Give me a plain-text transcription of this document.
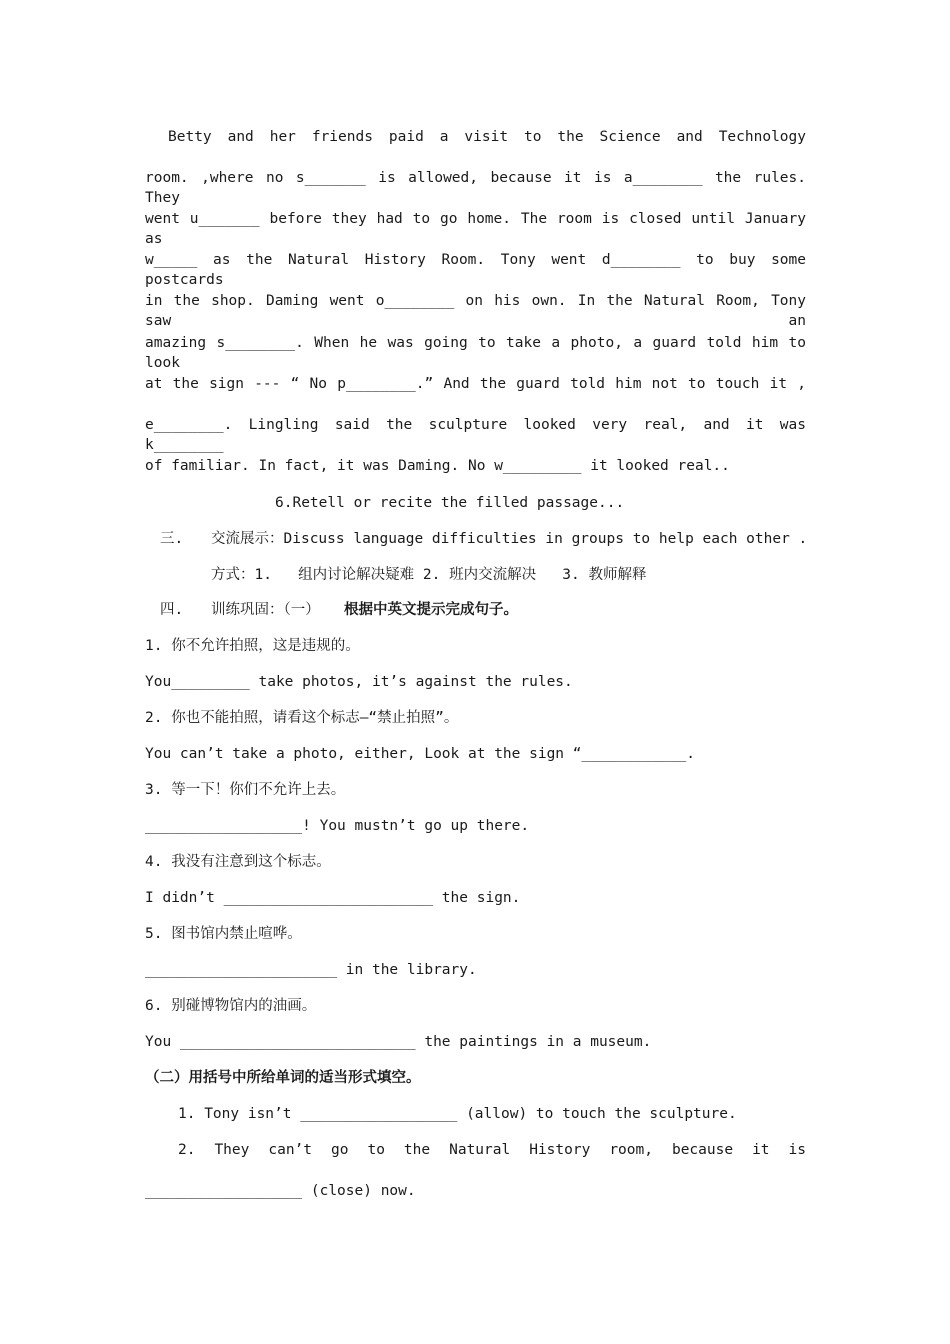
Betty and her friends paid a visit to the Science and Technology
room. ,where no s_______ is allowed, because it is a________ the rules. They
went u_______ before they had to go home. The room is closed until January as
w_____ as the Natural History Room. Tony went d________ to buy some postcards
in the shop. Daming went o________ on his own. In the Natural Room, Tony saw an
amazing s________. When he was going to take a photo, a guard told him to look
at the sign --- “ No p________.” And the guard told him not to touch it ,
e________. Lingling said the sculpture looked very real, and it was k________
of familiar. In fact, it was Daming. No w_________ it looked real..
6.Retell or recite the filled passage...
三. 交流展示：Discuss language difficulties in groups to help each other .
方式：1.   组内讨论解决疑难 2. 班内交流解决   3. 教师解释
四. 训练巩固：（一） 根据中英文提示完成句子。
1. 你不允许拍照，这是违规的。
You_________ take photos, it’s against the rules.
2. 你也不能拍照，请看这个标志—“禁止拍照”。
You can’t take a photo, either, Look at the sign “____________.
3. 等一下！你们不允许上去。
__________________! You mustn’t go up there.
4. 我没有注意到这个标志。
I didn’t ________________________ the sign.
5. 图书馆内禁止喧哗。
______________________ in the library.
6. 别碰博物馆内的油画。
You ___________________________ the paintings in a museum.
（二）用括号中所给单词的适当形式填空。
1. Tony isn’t __________________ (allow) to touch the sculpture.
2. They can’t go to the Natural History room, because it is
__________________ (close) now.
